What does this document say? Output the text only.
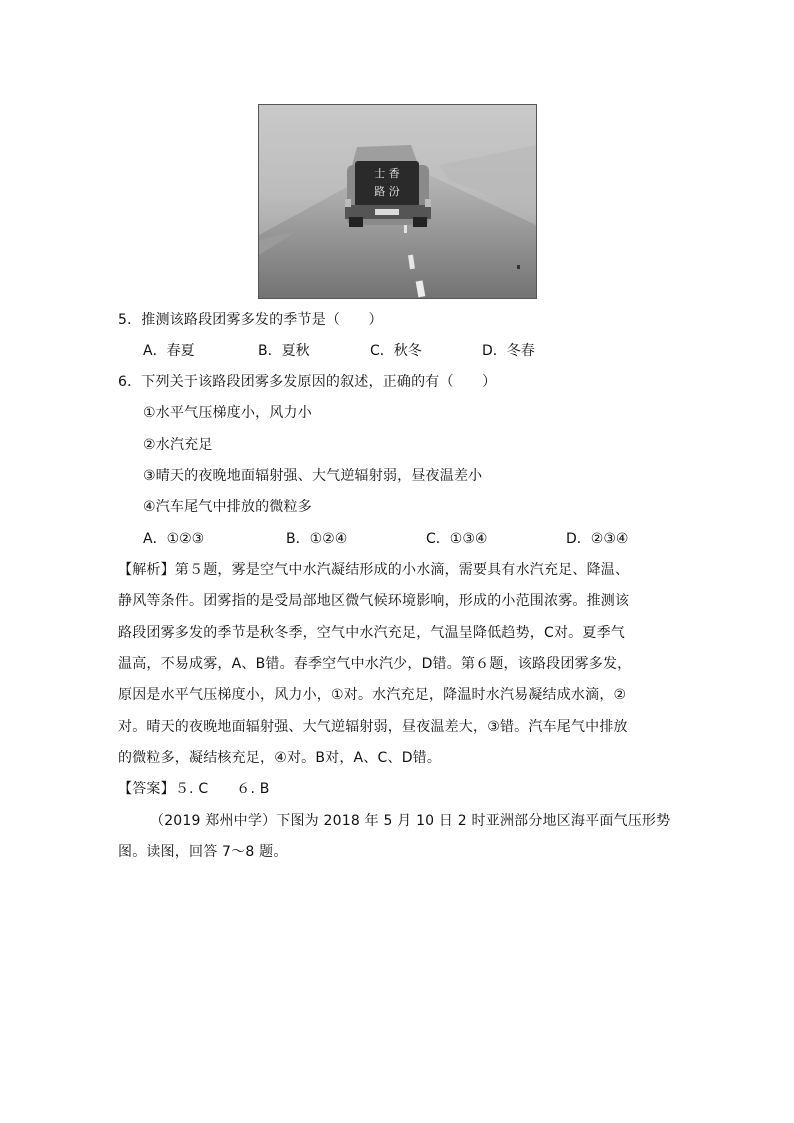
士 香
路 汾
5．推测该路段团雾多发的季节是（　　）
A．春夏	B．夏秋	C．秋冬	D．冬春
6．下列关于该路段团雾多发原因的叙述，正确的有（　　）
①水平气压梯度小，风力小
②水汽充足
③晴天的夜晚地面辐射强、大气逆辐射弱，昼夜温差小
④汽车尾气中排放的微粒多
A．①②③	B．①②④	C．①③④	D．②③④
【解析】第５题，雾是空气中水汽凝结形成的小水滴，需要具有水汽充足、降温、
静风等条件。团雾指的是受局部地区微气候环境影响，形成的小范围浓雾。推测该
路段团雾多发的季节是秋冬季，空气中水汽充足，气温呈降低趋势，C对。夏季气
温高，不易成雾，A、B错。春季空气中水汽少，D错。第６题，该路段团雾多发，
原因是水平气压梯度小，风力小，①对。水汽充足，降温时水汽易凝结成水滴，②
对。晴天的夜晚地面辐射强、大气逆辐射弱，昼夜温差大，③错。汽车尾气中排放
的微粒多，凝结核充足，④对。B对，A、C、D错。
【答案】５. C ６. B
（2019 郑州中学）下图为 2018 年 5 月 10 日 2 时亚洲部分地区海平面气压形势
图。读图，回答 7～8 题。
